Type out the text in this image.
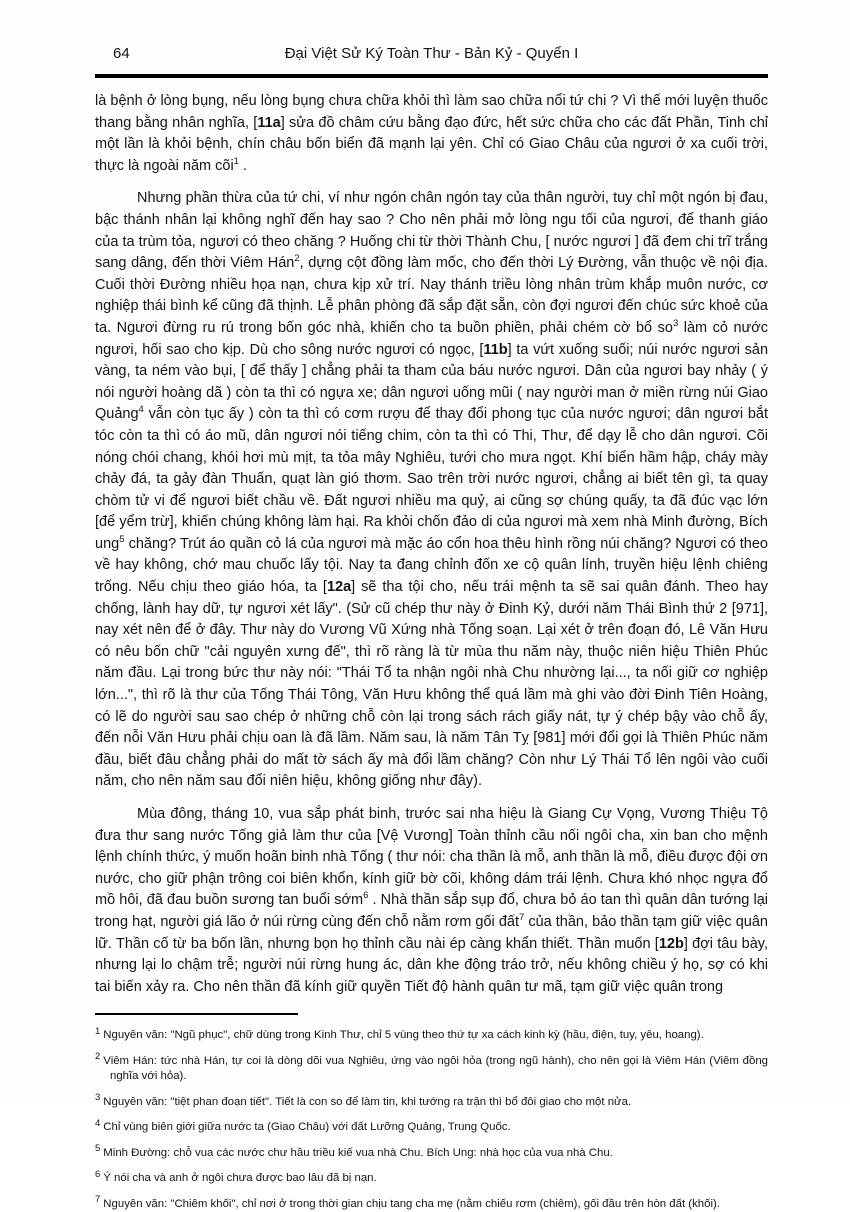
64	Đại Việt Sử Ký Toàn Thư - Bản Kỷ - Quyển I

là bệnh ở lòng bụng, nếu lòng bụng chưa chữa khỏi thì làm sao chữa nổi tứ chi ? Vì thế mới luyện thuốc thang bằng nhân nghĩa, [11a] sửa đồ châm cứu bằng đạo đức, hết sức chữa cho các đất Phần, Tinh chỉ một lần là khỏi bệnh, chín châu bốn biển đã mạnh lại yên. Chỉ có Giao Châu của ngươi ở xa cuối trời, thực là ngoài năm cõi$^1$ .

Nhưng phần thừa của tứ chi, ví như ngón chân ngón tay của thân người, tuy chỉ một ngón bị đau, bậc thánh nhân lại không nghĩ đến hay sao ? Cho nên phải mở lòng ngu tối của ngươi, để thanh giáo của ta trùm tỏa, ngươi có theo chăng ? Huống chi từ thời Thành Chu, [ nước ngươi ] đã đem chi trĩ trắng sang dâng, đến thời Viêm Hán$^2$, dựng cột đồng làm mốc, cho đến thời Lý Đường, vẫn thuộc về nội địa. Cuối thời Đường nhiều họa nạn, chưa kịp xử trí. Nay thánh triều lòng nhân trùm khắp muôn nước, cơ nghiệp thái bình kể cũng đã thịnh. Lễ phân phòng đã sắp đặt sẵn, còn đợi ngươi đến chúc sức khoẻ của ta. Ngươi đừng ru rú trong bốn góc nhà, khiến cho ta buồn phiền, phải chém cờ bổ $so^3$ làm cỏ nước ngươi, hối sao cho kịp. Dù cho sông nước ngươi có ngọc, [11b] ta vứt xuống suối; núi nước ngươi sản vàng, ta ném vào bụi, [ để thấy ] chẳng phải ta tham của báu nước ngươi. Dân của ngươi bay nhảy ( ý nói người hoàng dã ) còn ta thì có ngựa xe; dân ngươi uống mũi ( nay người man ở miền rừng núi Giao Quảng$^4$ vẫn còn tục ấy ) còn ta thì có cơm rượu để thay đổi phong tục của nước ngươi; dân ngươi bắt tóc còn ta thì có áo mũ, dân ngươi nói tiếng chim, còn ta thì có Thi, Thư, để dạy lễ cho dân ngươi. Cõi nóng chói chang, khói hơi mù mịt, ta tỏa mây Nghiêu, tưới cho mưa ngọt. Khí biển hầm hập, cháy mày chảy đá, ta gảy đàn Thuấn, quạt làn gió thơm. Sao trên trời nước ngươi, chẳng ai biết tên gì, ta quay chòm tử vi để ngươi biết chầu về. Đất ngươi nhiều ma quỷ, ai cũng sợ chúng quấy, ta đã đúc vạc lớn [để yểm trừ], khiến chúng không làm hại. Ra khỏi chốn đảo di của ngươi mà xem nhà Minh đường, Bích ung$^5$ chăng? Trút áo quần cỏ lá của ngươi mà mặc áo cổn hoa thêu hình rồng núi chăng? Ngươi có theo về hay không, chớ mau chuốc lấy tội. Nay ta đang chỉnh đốn xe cộ quân lính, truyền hiệu lệnh chiêng trống. Nếu chịu theo giáo hóa, ta [12a] sẽ tha tội cho, nếu trái mệnh ta sẽ sai quân đánh. Theo hay chống, lành hay dữ, tự ngươi xét lấy". (Sử cũ chép thư này ở Đinh Kỷ, dưới năm Thái Bình thứ 2 [971], nay xét nên để ở đây. Thư này do Vương Vũ Xứng nhà Tống soạn. Lại xét ở trên đoạn đó, Lê Văn Hưu có nêu bốn chữ "cải nguyên xưng đế", thì rõ ràng là từ mùa thu năm này, thuộc niên hiệu Thiên Phúc năm đầu. Lại trong bức thư này nói: "Thái Tổ ta nhận ngôi nhà Chu nhường lại..., ta nối giữ cơ nghiệp lớn...", thì rõ là thư của Tống Thái Tông, Văn Hưu không thể quá lầm mà ghi vào đời Đinh Tiên Hoàng, có lẽ do người sau sao chép ở những chỗ còn lại trong sách rách giấy nát, tự ý chép bậy vào chỗ ấy, đến nỗi Văn Hưu phải chịu oan là đã lầm. Năm sau, là năm Tân Tỵ [981] mới đổi gọi là Thiên Phúc năm đầu, biết đâu chẳng phải do mất tờ sách ấy mà đổi lầm chăng? Còn như Lý Thái Tổ lên ngôi vào cuối năm, cho nên năm sau đổi niên hiệu, không giống như đây).

Mùa đông, tháng 10, vua sắp phát binh, trước sai nha hiệu là Giang Cự Vọng, Vương Thiệu Tộ đưa thư sang nước Tống giả làm thư của [Vệ Vương] Toàn thỉnh cầu nối ngôi cha, xin ban cho mệnh lệnh chính thức, ý muốn hoãn binh nhà Tống ( thư nói: cha thần là mỗ, anh thần là mỗ, điều được đội ơn nước, cho giữ phận trông coi biên khổn, kính giữ bờ cõi, không dám trái lệnh. Chưa khó nhọc ngựa đổ mồ hôi, đã đau buồn sương tan buổi sớm$^6$ . Nhà thần sắp sụp đổ, chưa bỏ áo tan thì quân dân tướng lại trong hạt, người giá lão ở núi rừng cùng đến chỗ nằm rơm gối đất$^7$ của thần, bảo thần tạm giữ việc quân lữ. Thần cố từ ba bốn lần, nhưng bọn họ thỉnh cầu nài ép càng khẩn thiết. Thần muốn [12b] đợi tâu bày, nhưng lại lo chậm trễ; người núi rừng hung ác, dân khe động tráo trở, nếu không chiều ý họ, sợ có khi tai biến xảy ra. Cho nên thần đã kính giữ quyền Tiết độ hành quân tư mã, tạm giữ việc quân trong

$^1$ Nguyên văn: "Ngũ phục", chữ dùng trong Kinh Thư, chỉ 5 vùng theo thứ tự xa cách kinh kỳ (hầu, điện, tuy, yêu, hoang).
$^2$ Viêm Hán: tức nhà Hán, tự coi là dòng dõi vua Nghiêu, ứng vào ngôi hỏa (trong ngũ hành), cho nên gọi là Viêm Hán (Viêm đồng nghĩa với hỏa).
$^3$ Nguyên văn: "tiệt phan đoạn tiết". Tiết là con so để làm tin, khi tướng ra trận thì bổ đôi giao cho một nửa.
$^4$ Chỉ vùng biên giới giữa nước ta (Giao Châu) với đất Lưỡng Quảng, Trung Quốc.
$^5$ Minh Đường: chỗ vua các nước chư hầu triều kiế vua nhà Chu. Bích Ung: nhà học của vua nhà Chu.
$^6$ Ý nói cha và anh ở ngôi chưa được bao lâu đã bị nạn.
$^7$ Nguyên văn: "Chiêm khối", chỉ nơi ở trong thời gian chịu tang cha mẹ (nằm chiếu rơm (chiêm), gối đầu trên hòn đất (khối).
